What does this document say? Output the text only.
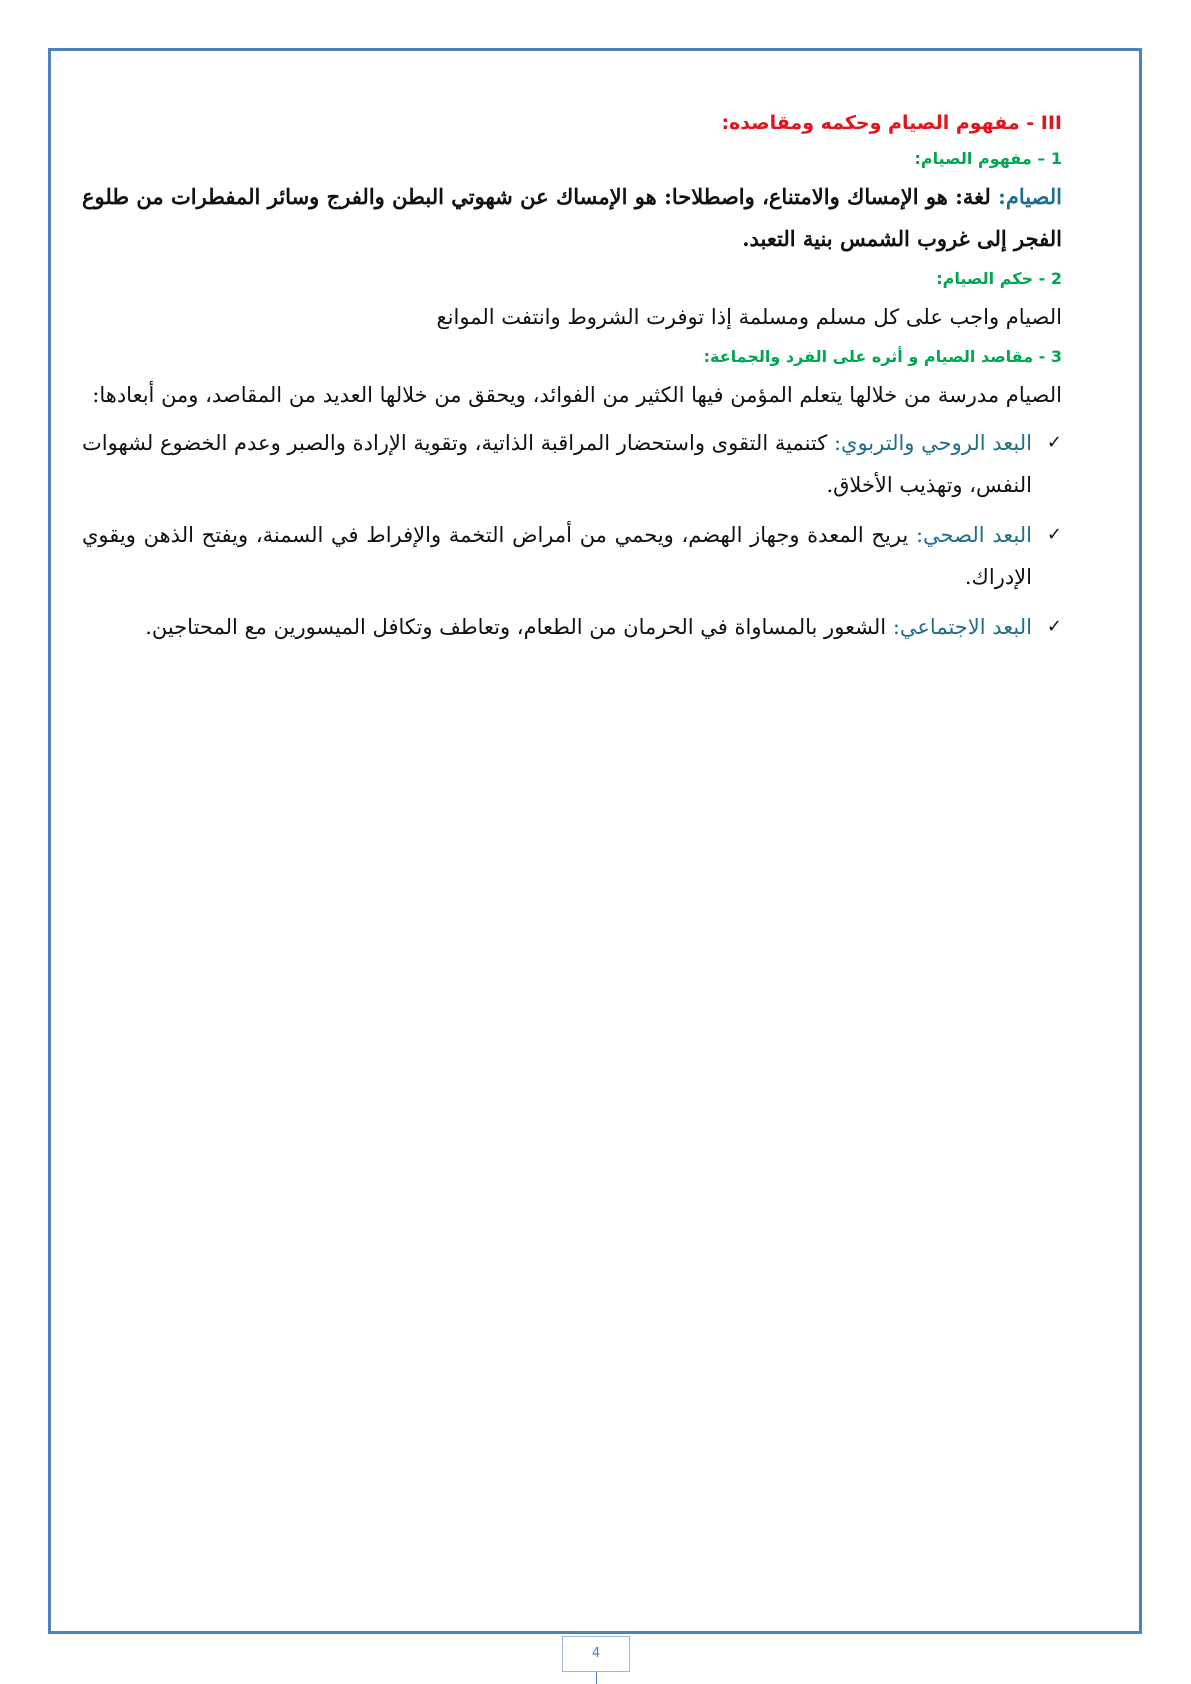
III - مفهوم الصيام وحكمه ومقاصده:
1 – مفهوم الصيام:

الصيام: لغة: هو الإمساك والامتناع، واصطلاحا: هو الإمساك عن شهوتي البطن والفرج وسائر المفطرات من طلوع الفجر إلى غروب الشمس بنية التعبد.

2 - حكم الصيام:

الصيام واجب على كل مسلم ومسلمة إذا توفرت الشروط وانتفت الموانع

3 - مقاصد الصيام و أثره على الفرد والجماعة:

الصيام مدرسة من خلالها يتعلم المؤمن فيها الكثير من الفوائد، ويحقق من خلالها العديد من المقاصد، ومن أبعادها:

✓
البعد الروحي والتربوي: كتنمية التقوى واستحضار المراقبة الذاتية، وتقوية الإرادة والصبر وعدم الخضوع لشهوات النفس، وتهذيب الأخلاق.
✓
البعد الصحي: يريح المعدة وجهاز الهضم، ويحمي من أمراض التخمة والإفراط في السمنة، ويفتح الذهن ويقوي الإدراك.
✓
البعد الاجتماعي: الشعور بالمساواة في الحرمان من الطعام، وتعاطف وتكافل الميسورين مع المحتاجين.
4
